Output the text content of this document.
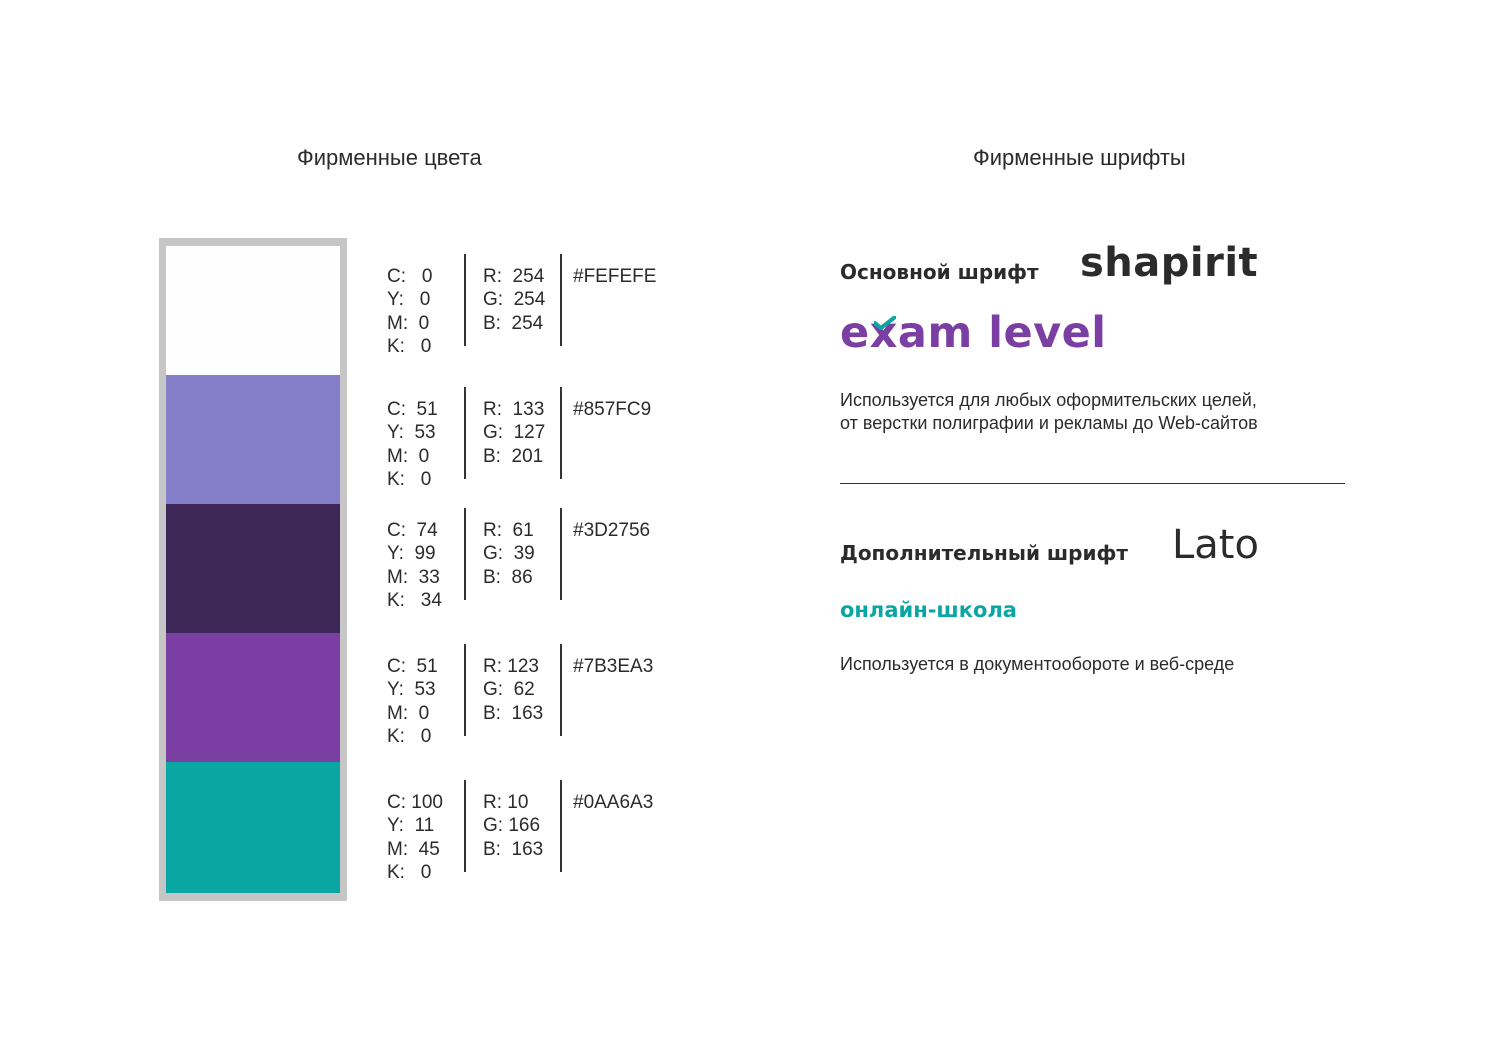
Фирменные цвета	Фирменные шрифты
C:   0
Y:   0
M:  0
K:   0
R:  254
G:  254
B:  254
#FEFEFE
C:  51
Y:  53
M:  0
K:   0
R:  133
G:  127
B:  201
#857FC9
C:  74
Y:  99
M:  33
K:   34
R:  61
G:  39
B:  86
#3D2756
C:  51
Y:  53
M:  0
K:   0
R: 123
G:  62
B:  163
#7B3EA3
C: 100
Y:  11
M:  45
K:   0
R: 10
G: 166
B:  163
#0AA6A3
Основной шрифт shapirit
ex
am level
Используется для любых оформительских целей,
от верстки полиграфии и рекламы до Web-сайтов
Дополнительный шрифт Lato
онлайн-школа
Используется в документообороте и веб-среде
